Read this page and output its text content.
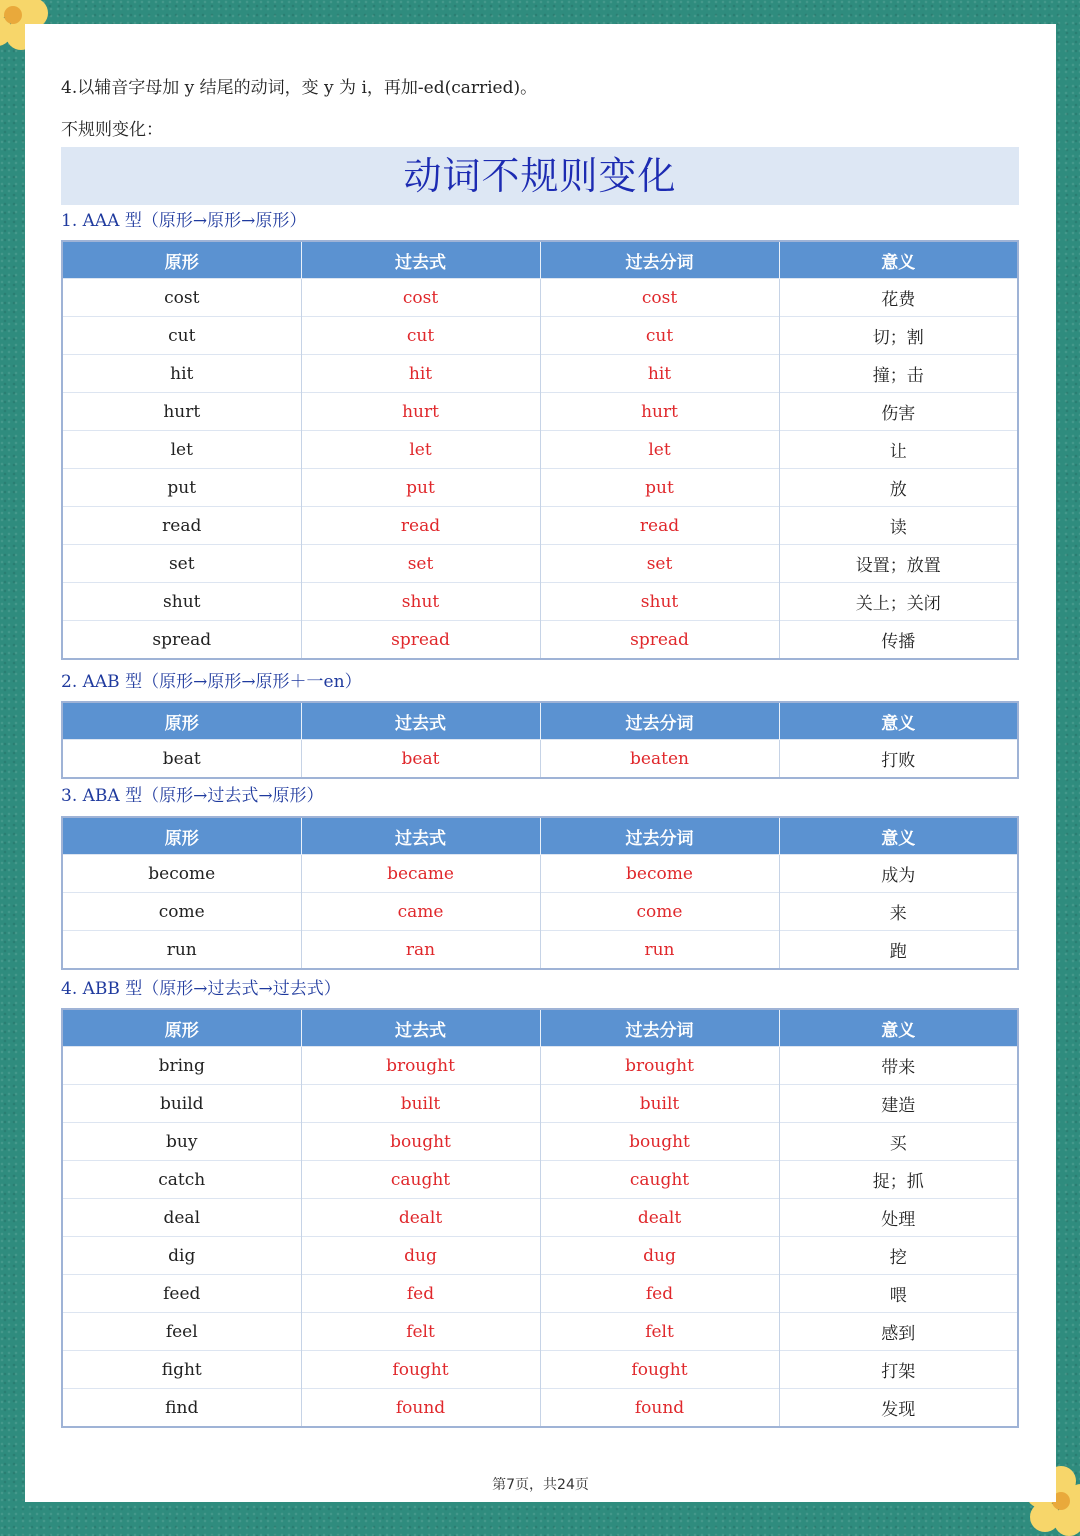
4.以辅音字母加 y 结尾的动词，变 y 为 i，再加-ed(carried)。
不规则变化：
动词不规则变化
1. AAA 型（原形→原形→原形）
原形	过去式	过去分词	意义
cost	cost	cost	花费
cut	cut	cut	切；割
hit	hit	hit	撞；击
hurt	hurt	hurt	伤害
let	let	let	让
put	put	put	放
read	read	read	读
set	set	set	设置；放置
shut	shut	shut	关上；关闭
spread	spread	spread	传播
2. AAB 型（原形→原形→原形＋一en）
原形	过去式	过去分词	意义
beat	beat	beaten	打败
3. ABA 型（原形→过去式→原形）
原形	过去式	过去分词	意义
become	became	become	成为
come	came	come	来
run	ran	run	跑
4. ABB 型（原形→过去式→过去式）
原形	过去式	过去分词	意义
bring	brought	brought	带来
build	built	built	建造
buy	bought	bought	买
catch	caught	caught	捉；抓
deal	dealt	dealt	处理
dig	dug	dug	挖
feed	fed	fed	喂
feel	felt	felt	感到
fight	fought	fought	打架
find	found	found	发现
第7页，共24页
